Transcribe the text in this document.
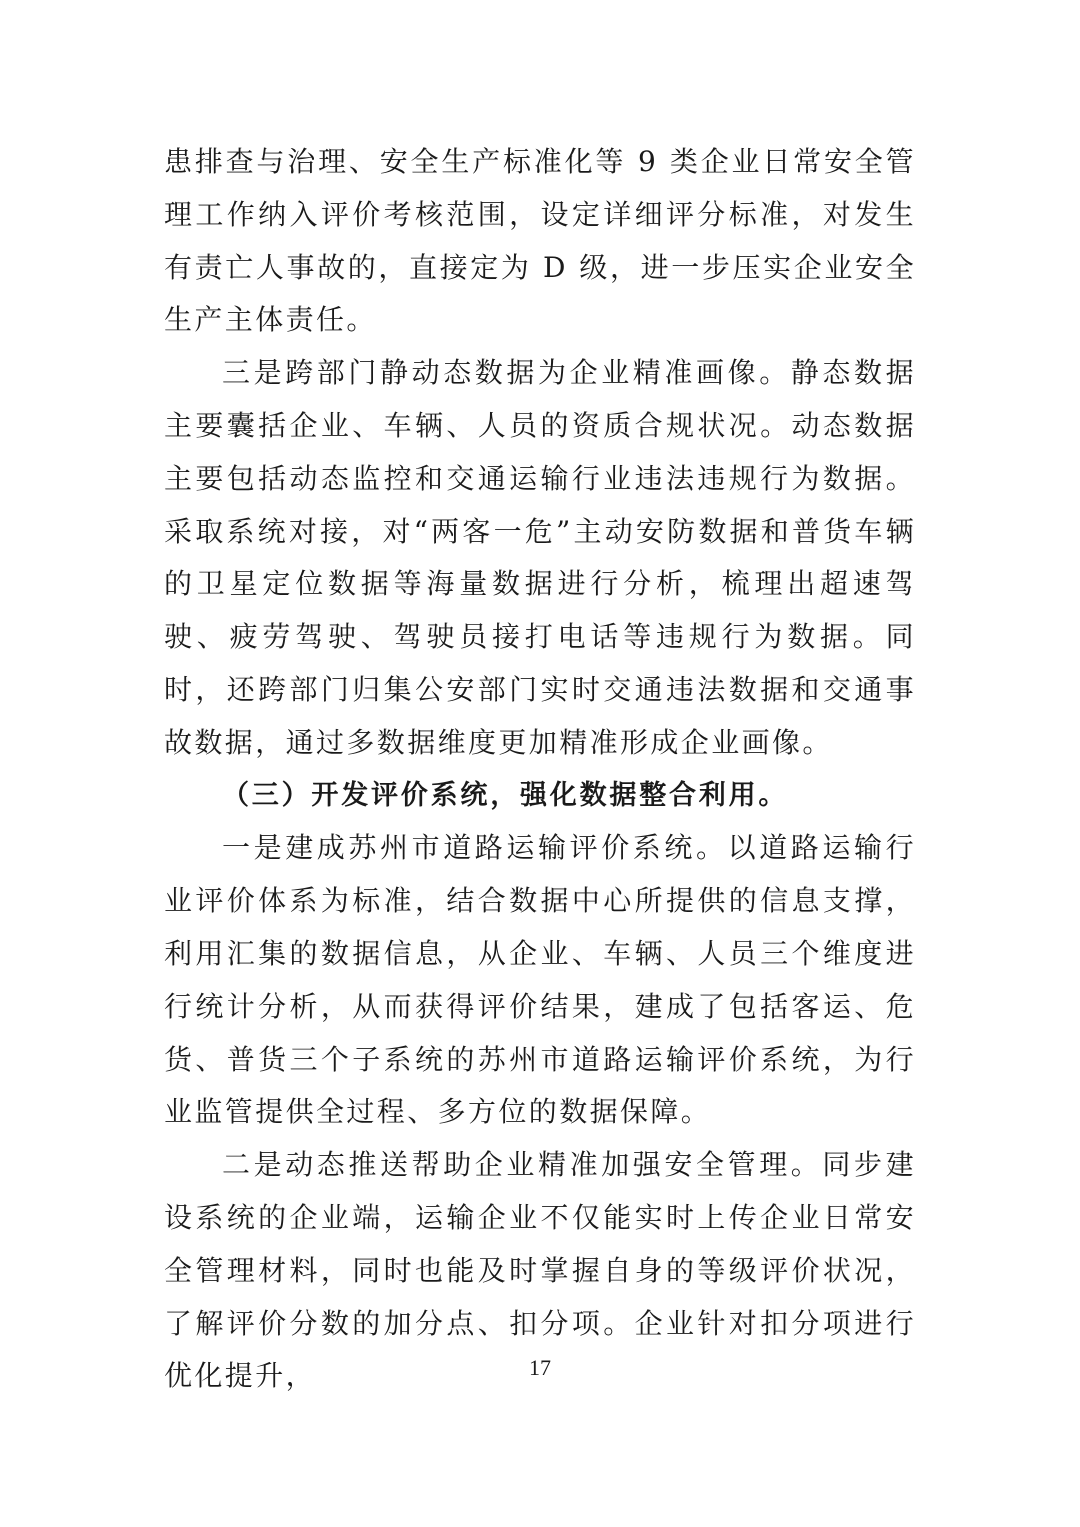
患排查与治理、安全生产标准化等 9 类企业日常安全管理工作纳入评价考核范围，设定详细评分标准，对发生有责亡人事故的，直接定为 D 级，进一步压实企业安全生产主体责任。

三是跨部门静动态数据为企业精准画像。静态数据主要囊括企业、车辆、人员的资质合规状况。动态数据主要包括动态监控和交通运输行业违法违规行为数据。采取系统对接，对“两客一危”主动安防数据和普货车辆的卫星定位数据等海量数据进行分析，梳理出超速驾驶、疲劳驾驶、驾驶员接打电话等违规行为数据。同时，还跨部门归集公安部门实时交通违法数据和交通事故数据，通过多数据维度更加精准形成企业画像。

（三）开发评价系统，强化数据整合利用。

一是建成苏州市道路运输评价系统。以道路运输行业评价体系为标准，结合数据中心所提供的信息支撑，利用汇集的数据信息，从企业、车辆、人员三个维度进行统计分析，从而获得评价结果，建成了包括客运、危货、普货三个子系统的苏州市道路运输评价系统，为行业监管提供全过程、多方位的数据保障。

二是动态推送帮助企业精准加强安全管理。同步建设系统的企业端，运输企业不仅能实时上传企业日常安全管理材料，同时也能及时掌握自身的等级评价状况，了解评价分数的加分点、扣分项。企业针对扣分项进行优化提升，	17
